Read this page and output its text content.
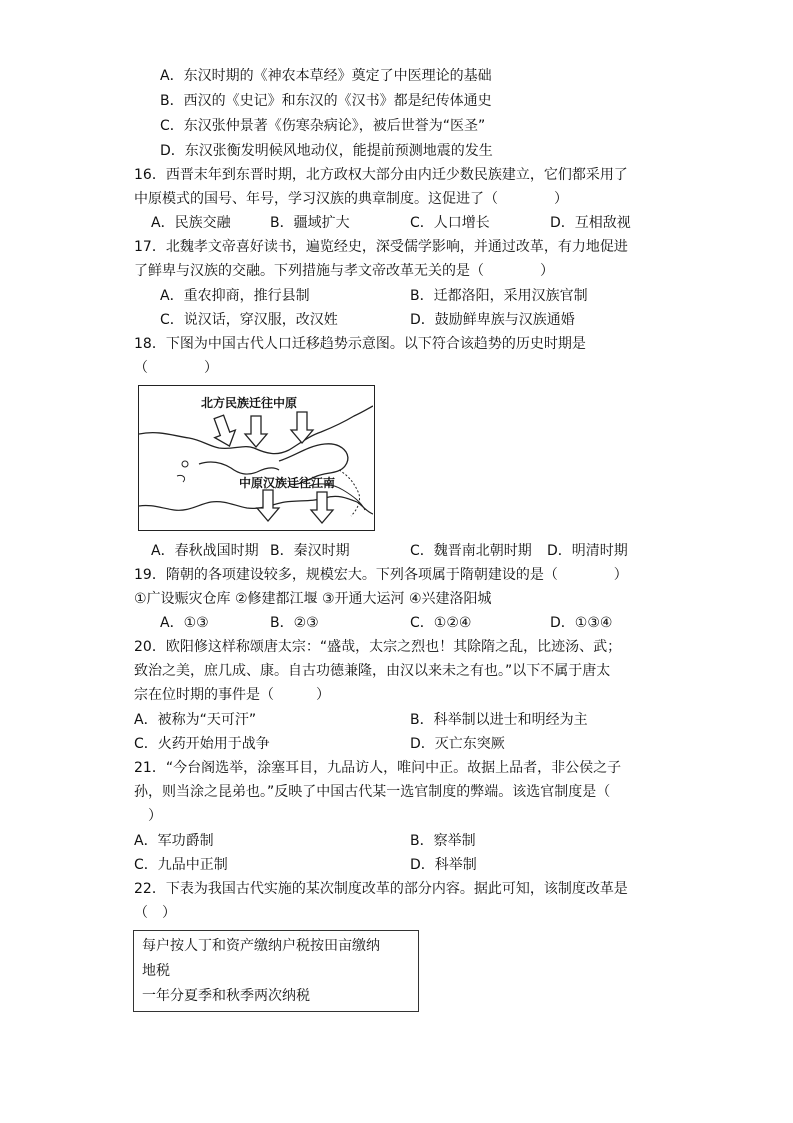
A．东汉时期的《神农本草经》奠定了中医理论的基础
B．西汉的《史记》和东汉的《汉书》都是纪传体通史
C．东汉张仲景著《伤寒杂病论》，被后世誉为“医圣”
D．东汉张衡发明候风地动仪，能提前预测地震的发生
16．西晋末年到东晋时期，北方政权大部分由内迁少数民族建立，它们都采用了
中原模式的国号、年号，学习汉族的典章制度。这促进了（　　　　）
A．民族交融	B．疆域扩大	C．人口增长	D．互相敌视
17．北魏孝文帝喜好读书，遍览经史，深受儒学影响，并通过改革，有力地促进
了鲜卑与汉族的交融。下列措施与孝文帝改革无关的是（　　　　）
A．重农抑商，推行县制	B．迁都洛阳，采用汉族官制
C．说汉话，穿汉服，改汉姓	D．鼓励鲜卑族与汉族通婚
18．下图为中国古代人口迁移趋势示意图。以下符合该趋势的历史时期是
（　　　　）
北方民族迁往中原
中原汉族迁往江南
A．春秋战国时期 B．秦汉时期	C．魏晋南北朝时期 D．明清时期
19．隋朝的各项建设较多，规模宏大。下列各项属于隋朝建设的是（　　　　）
①广设赈灾仓库 ②修建都江堰 ③开通大运河 ④兴建洛阳城
A．①③	B．②③	C．①②④	D．①③④
20．欧阳修这样称颂唐太宗：“盛哉，太宗之烈也！其除隋之乱，比迹汤、武；
致治之美，庶几成、康。自古功德兼隆，由汉以来未之有也。”以下不属于唐太
宗在位时期的事件是（　　　）
A．被称为“天可汗”	B．科举制以进士和明经为主
C．火药开始用于战争	D．灭亡东突厥
21．“今台阁选举，涂塞耳目，九品访人，唯问中正。故据上品者，非公侯之子
孙，则当涂之昆弟也。”反映了中国古代某一选官制度的弊端。该选官制度是（
　）
A．军功爵制	B．察举制
C．九品中正制	D．科举制
22．下表为我国古代实施的某次制度改革的部分内容。据此可知，该制度改革是
（　）
每户按人丁和资产缴纳户税按田亩缴纳
地税
一年分夏季和秋季两次纳税
